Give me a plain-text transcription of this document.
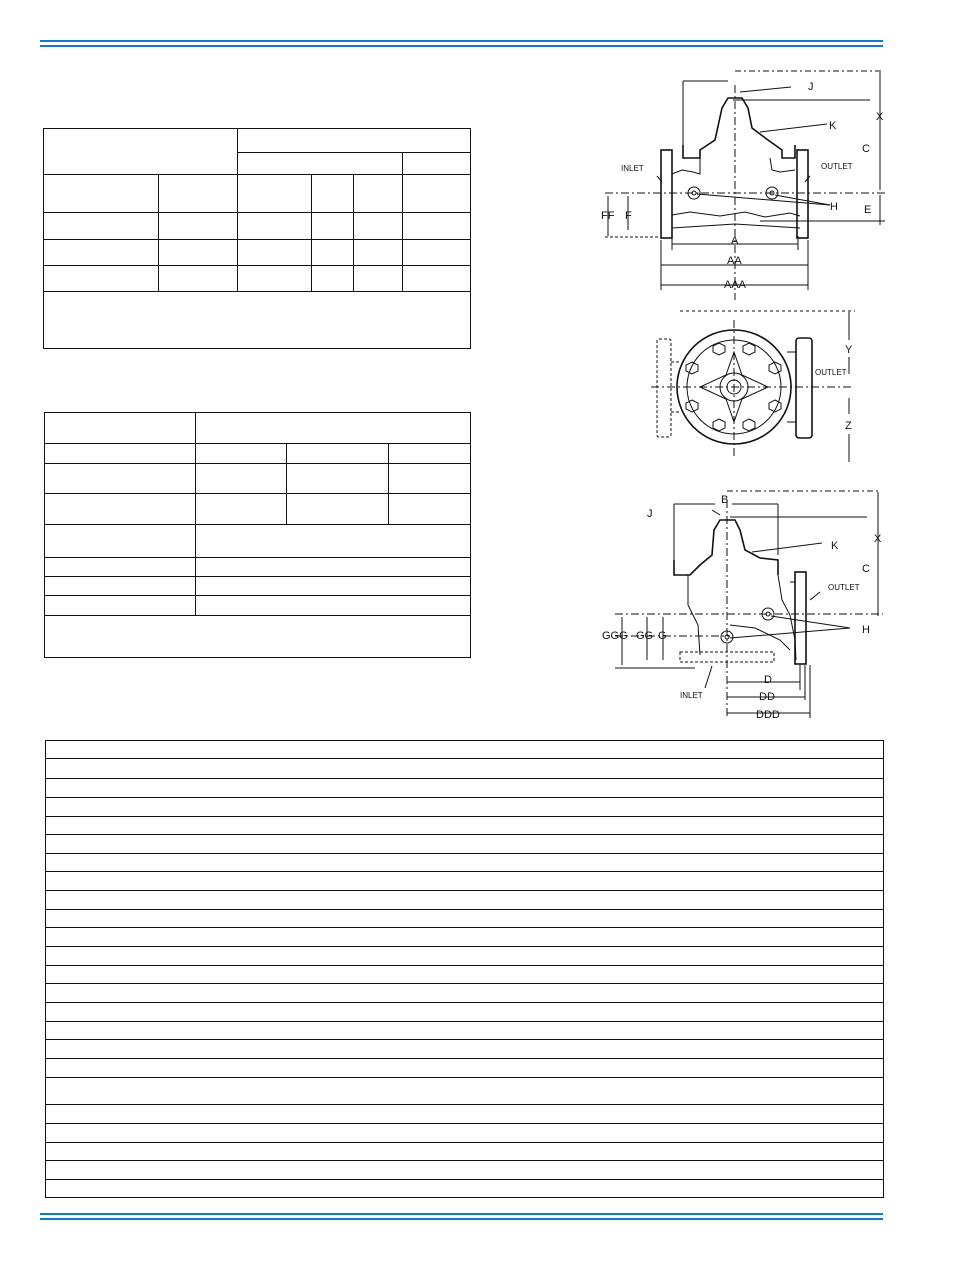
J
K
X
C
INLET	OUTLET
FF F
H E
A
AA
AAA
Y
OUTLET
Z
B
J
K
X
C
OUTLET
GGG GG G	H
D
INLET	DD
DDD
